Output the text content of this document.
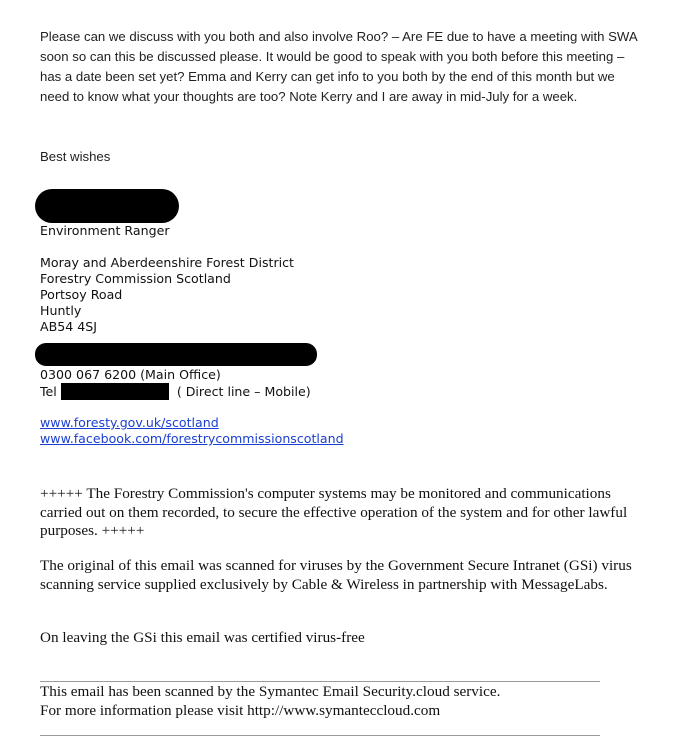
Please can we discuss with you both and also involve Roo? – Are FE due to have a meeting with SWA soon so can this be discussed please. It would be good to speak with you both before this meeting – has a date been set yet? Emma and Kerry can get info to you both by the end of this month but we need to know what your thoughts are too? Note Kerry and I are away in mid-July for a week.

Best wishes

Environment Ranger

Moray and Aberdeenshire Forest District
Forestry Commission Scotland
Portsoy Road
Huntly
AB54 4SJ
0300 067 6200 (Main Office)
Tel	( Direct line – Mobile)
www.foresty.gov.uk/scotland
www.facebook.com/forestrycommissionscotland

+++++ The Forestry Commission's computer systems may be monitored and communications carried out on them recorded, to secure the effective operation of the system and for other lawful purposes. +++++

The original of this email was scanned for viruses by the Government Secure Intranet (GSi) virus scanning service supplied exclusively by Cable & Wireless in partnership with MessageLabs.

On leaving the GSi this email was certified virus-free

This email has been scanned by the Symantec Email Security.cloud service.
For more information please visit http://www.symanteccloud.com
